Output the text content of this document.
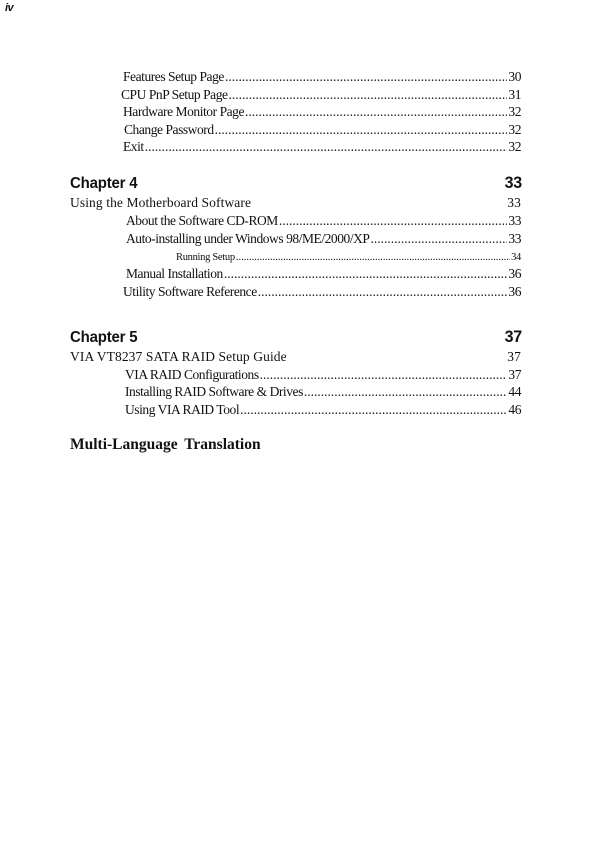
iv
Features Setup Page .....	30
CPU PnP Setup Page .....	31
Hardware Monitor Page .....	32
Change Password .....	32
Exit .....	32
Chapter 4	33
Using the Motherboard Software	33
About the Software CD-ROM .....	33
Auto-installing under Windows 98/ME/2000/XP .....	33
Running Setup .....	34
Manual Installation .....	36
Utility Software Reference .....	36
Chapter 5	37
VIA VT8237 SATA RAID Setup Guide	37
VIA RAID Configurations .....	37
Installing RAID Software & Drives .....	44
Using VIA RAID Tool .....	46
Multi-Language Translation
